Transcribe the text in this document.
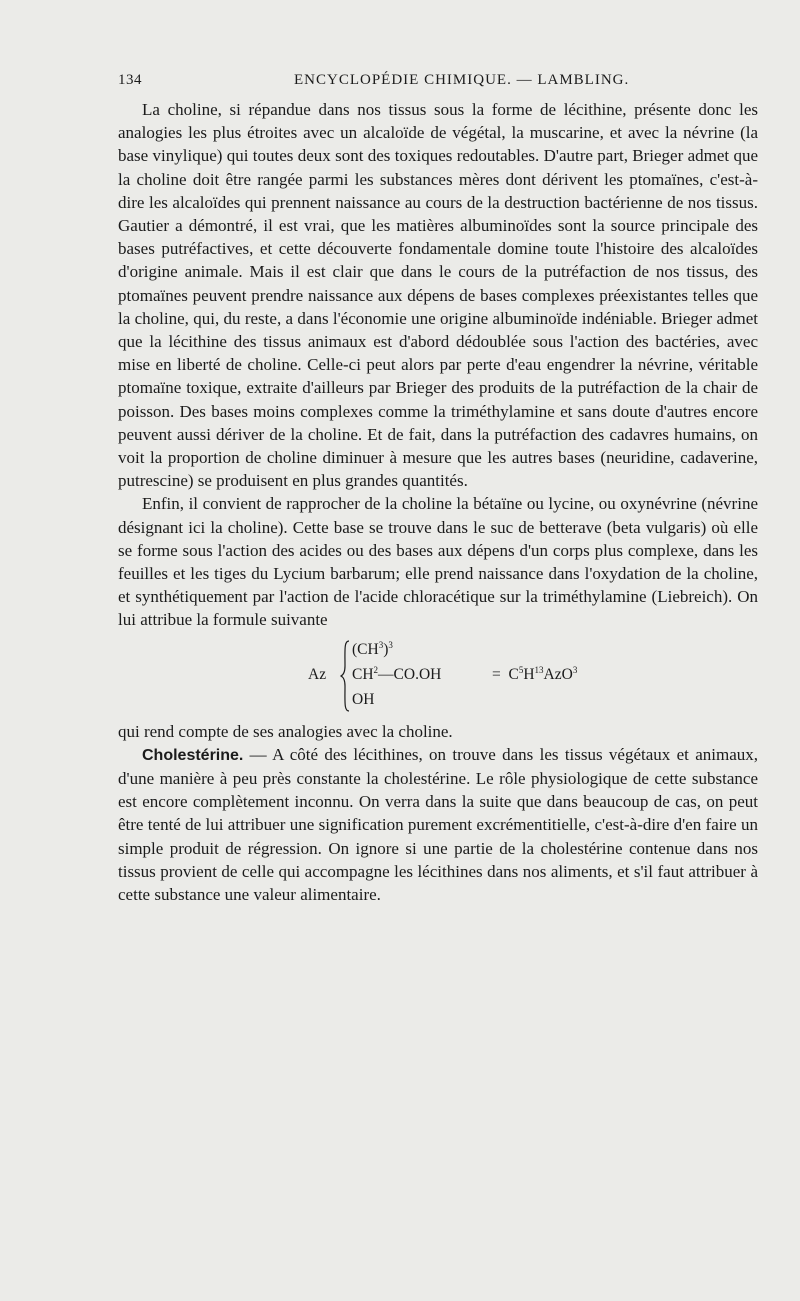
134	ENCYCLOPÉDIE CHIMIQUE. — LAMBLING.

La choline, si répandue dans nos tissus sous la forme de lécithine, présente donc les analogies les plus étroites avec un alcaloïde de végétal, la muscarine, et avec la névrine (la base vinylique) qui toutes deux sont des toxiques redoutables. D'autre part, Brieger admet que la choline doit être rangée parmi les substances mères dont dérivent les ptomaïnes, c'est-à-dire les alcaloïdes qui prennent naissance au cours de la destruction bactérienne de nos tissus. Gautier a démontré, il est vrai, que les matières albuminoïdes sont la source principale des bases putréfactives, et cette découverte fondamentale domine toute l'histoire des alcaloïdes d'origine animale. Mais il est clair que dans le cours de la putréfaction de nos tissus, des ptomaïnes peuvent prendre naissance aux dépens de bases complexes préexistantes telles que la choline, qui, du reste, a dans l'économie une origine albuminoïde indéniable. Brieger admet que la lécithine des tissus animaux est d'abord dédoublée sous l'action des bactéries, avec mise en liberté de choline. Celle-ci peut alors par perte d'eau engendrer la névrine, véritable ptomaïne toxique, extraite d'ailleurs par Brieger des produits de la putréfaction de la chair de poisson. Des bases moins complexes comme la triméthylamine et sans doute d'autres encore peuvent aussi dériver de la choline. Et de fait, dans la putréfaction des cadavres humains, on voit la proportion de choline diminuer à mesure que les autres bases (neuridine, cadaverine, putrescine) se produisent en plus grandes quantités.

Enfin, il convient de rapprocher de la choline la bétaïne ou lycine, ou oxynévrine (névrine désignant ici la choline). Cette base se trouve dans le suc de betterave (beta vulgaris) où elle se forme sous l'action des acides ou des bases aux dépens d'un corps plus complexe, dans les feuilles et les tiges du Lycium barbarum; elle prend naissance dans l'oxydation de la choline, et synthétiquement par l'action de l'acide chloracétique sur la triméthylamine (Liebreich). On lui attribue la formule suivante

Az
$(CH^3)^3$
$CH^2—CO.OH$
OH
= $C^5H^{13}AzO^3$

qui rend compte de ses analogies avec la choline.

Cholestérine. — A côté des lécithines, on trouve dans les tissus végétaux et animaux, d'une manière à peu près constante la cholestérine. Le rôle physiologique de cette substance est encore complètement inconnu. On verra dans la suite que dans beaucoup de cas, on peut être tenté de lui attribuer une signification purement excrémentitielle, c'est-à-dire d'en faire un simple produit de régression. On ignore si une partie de la cholestérine contenue dans nos tissus provient de celle qui accompagne les lécithines dans nos aliments, et s'il faut attribuer à cette substance une valeur alimentaire.
